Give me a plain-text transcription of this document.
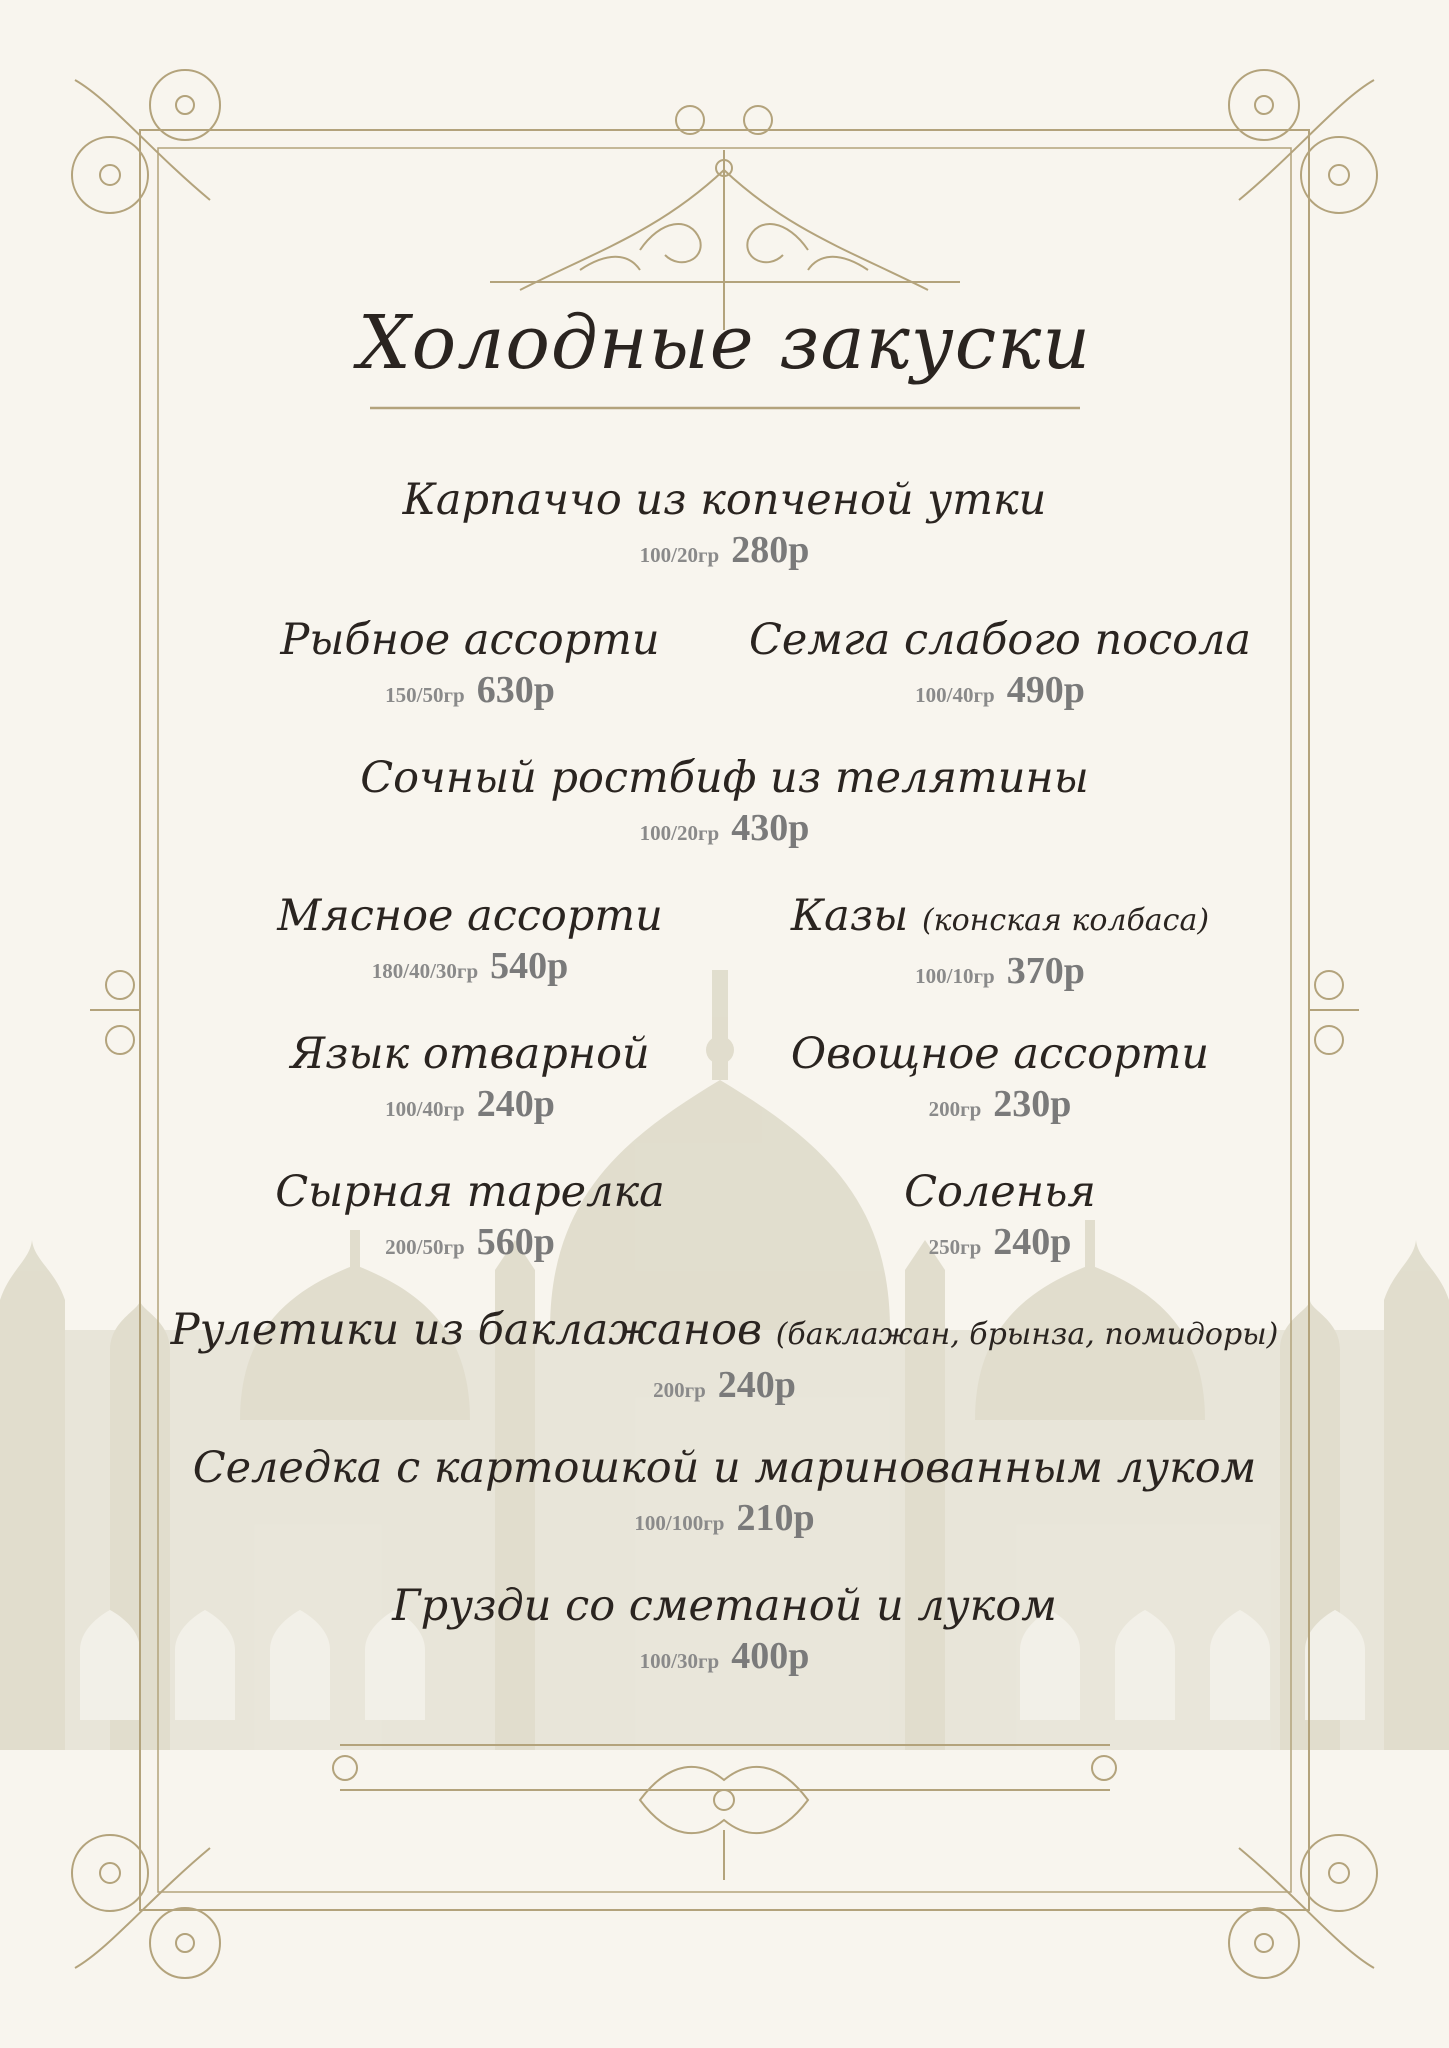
Холодные закуски
Карпаччо из копченой утки
100/20гр 280р
Рыбное ассорти
150/50гр 630р
Семга слабого посола
100/40гр 490р
Сочный ростбиф из телятины
100/20гр 430р
Мясное ассорти
180/40/30гр 540р
Казы (конская колбаса)
100/10гр 370р
Язык отварной
100/40гр 240р
Овощное ассорти
200гр 230р
Сырная тарелка
200/50гр 560р
Соленья
250гр 240р
Рулетики из баклажанов (баклажан, брынза, помидоры)
200гр 240р
Селедка с картошкой и маринованным луком
100/100гр 210р
Грузди со сметаной и луком
100/30гр 400р
